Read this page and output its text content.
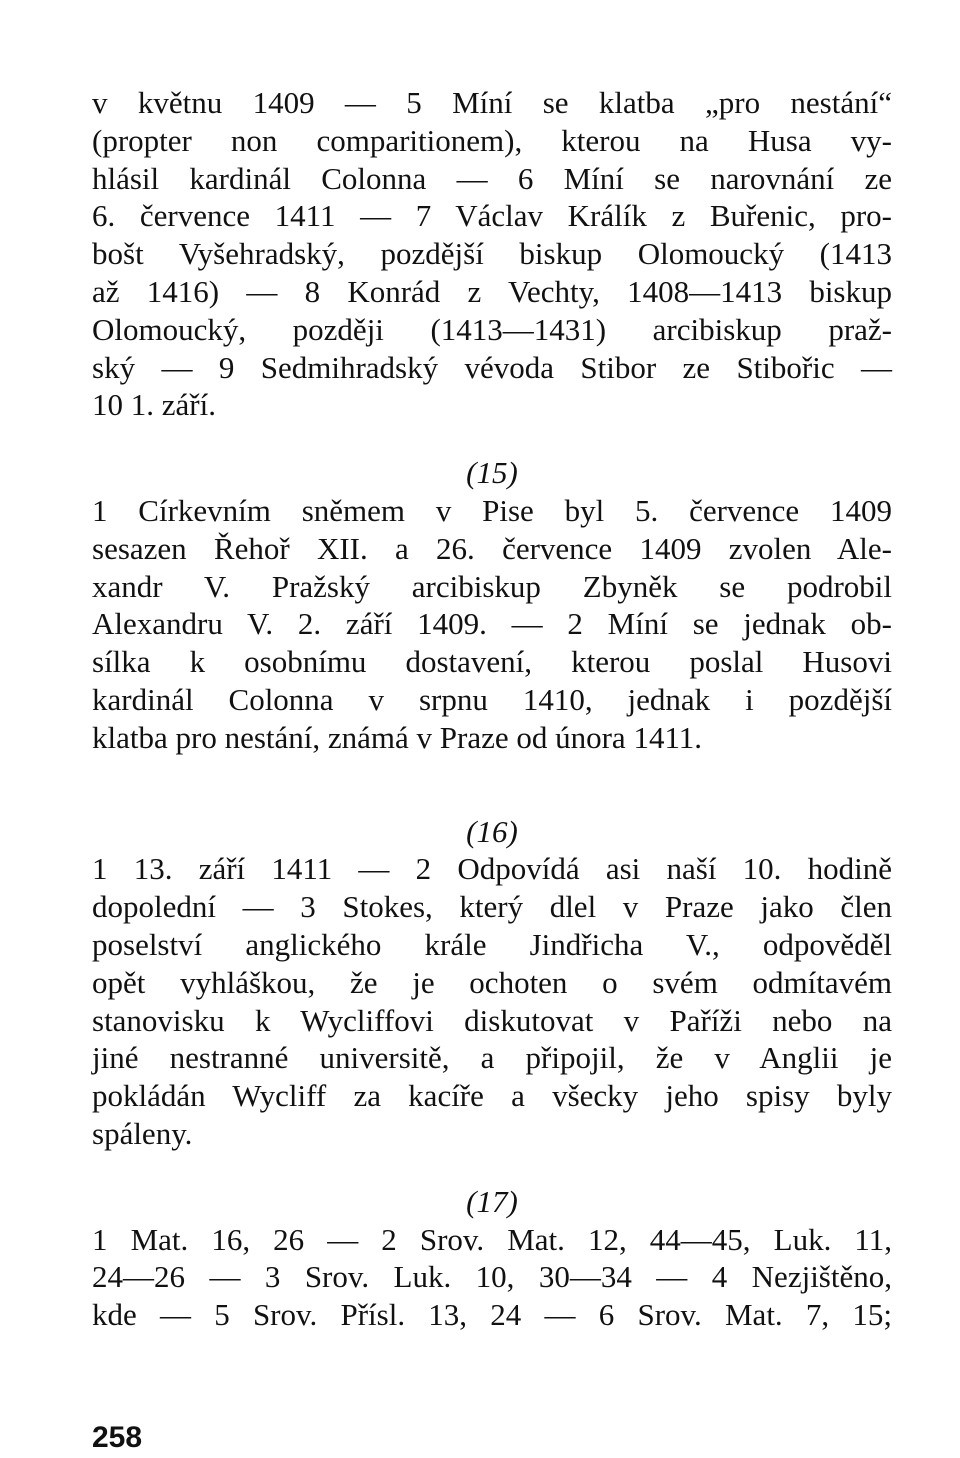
v květnu 1409 — 5 Míní se klatba „pro nestání“
(propter non comparitionem), kterou na Husa vy-
hlásil kardinál Colonna — 6 Míní se narovnání ze
6. července 1411 — 7 Václav Králík z Buřenic, pro-
bošt Vyšehradský, pozdější biskup Olomoucký (1413
až 1416) — 8 Konrád z Vechty, 1408—1413 biskup
Olomoucký, později (1413—1431) arcibiskup praž-
ský — 9 Sedmihradský vévoda Stibor ze Stibořic —
10 1. září.
(15)
1 Církevním sněmem v Pise byl 5. července 1409
sesazen Řehoř XII. a 26. července 1409 zvolen Ale-
xandr V. Pražský arcibiskup Zbyněk se podrobil
Alexandru V. 2. září 1409. — 2 Míní se jednak ob-
sílka k osobnímu dostavení, kterou poslal Husovi
kardinál Colonna v srpnu 1410, jednak i pozdější
klatba pro nestání, známá v Praze od února 1411.
(16)
1 13. září 1411 — 2 Odpovídá asi naší 10. hodině
dopolední — 3 Stokes, který dlel v Praze jako člen
poselství anglického krále Jindřicha V., odpověděl
opět vyhláškou, že je ochoten o svém odmítavém
stanovisku k Wycliffovi diskutovat v Paříži nebo na
jiné nestranné universitě, a připojil, že v Anglii je
pokládán Wycliff za kacíře a všecky jeho spisy byly
spáleny.
(17)
1 Mat. 16, 26 — 2 Srov. Mat. 12, 44—45, Luk. 11,
24—26 — 3 Srov. Luk. 10, 30—34 — 4 Nezjištěno,
kde — 5 Srov. Přísl. 13, 24 — 6 Srov. Mat. 7, 15;
258
